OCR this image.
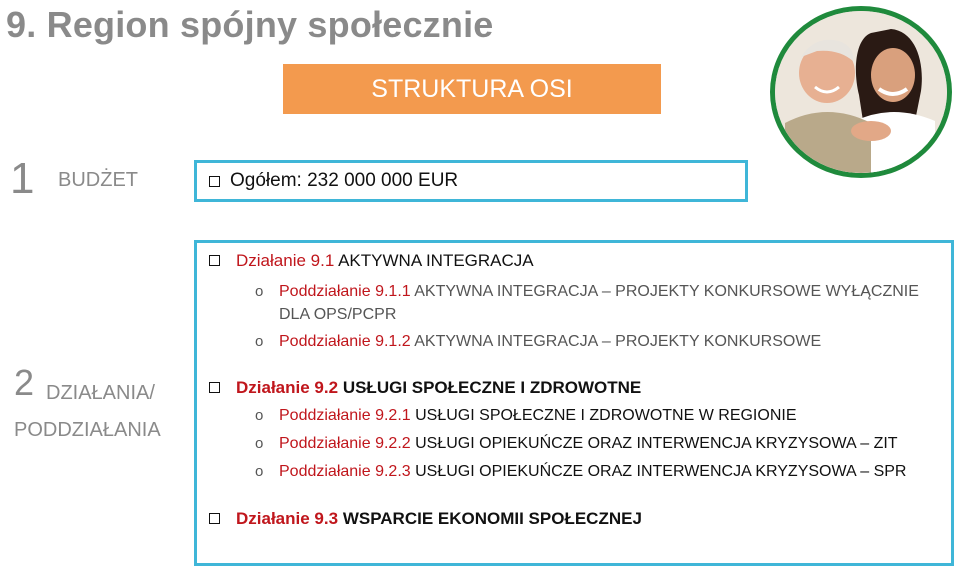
9. Region spójny społecznie
STRUKTURA OSI
1 BUDŻET	Ogółem: 232 000 000 EUR
2 DZIAŁANIA/
PODDZIAŁANIA
Działanie 9.1 AKTYWNA INTEGRACJA
o Poddziałanie 9.1.1 AKTYWNA INTEGRACJA – PROJEKTY KONKURSOWE WYŁĄCZNIE
DLA OPS/PCPR
o Poddziałanie 9.1.2 AKTYWNA INTEGRACJA – PROJEKTY KONKURSOWE
Działanie 9.2 USŁUGI SPOŁECZNE I ZDROWOTNE
o Poddziałanie 9.2.1 USŁUGI SPOŁECZNE I ZDROWOTNE W REGIONIE
o Poddziałanie 9.2.2 USŁUGI OPIEKUŃCZE ORAZ INTERWENCJA KRYZYSOWA – ZIT
o Poddziałanie 9.2.3 USŁUGI OPIEKUŃCZE ORAZ INTERWENCJA KRYZYSOWA – SPR
Działanie 9.3 WSPARCIE EKONOMII SPOŁECZNEJ
